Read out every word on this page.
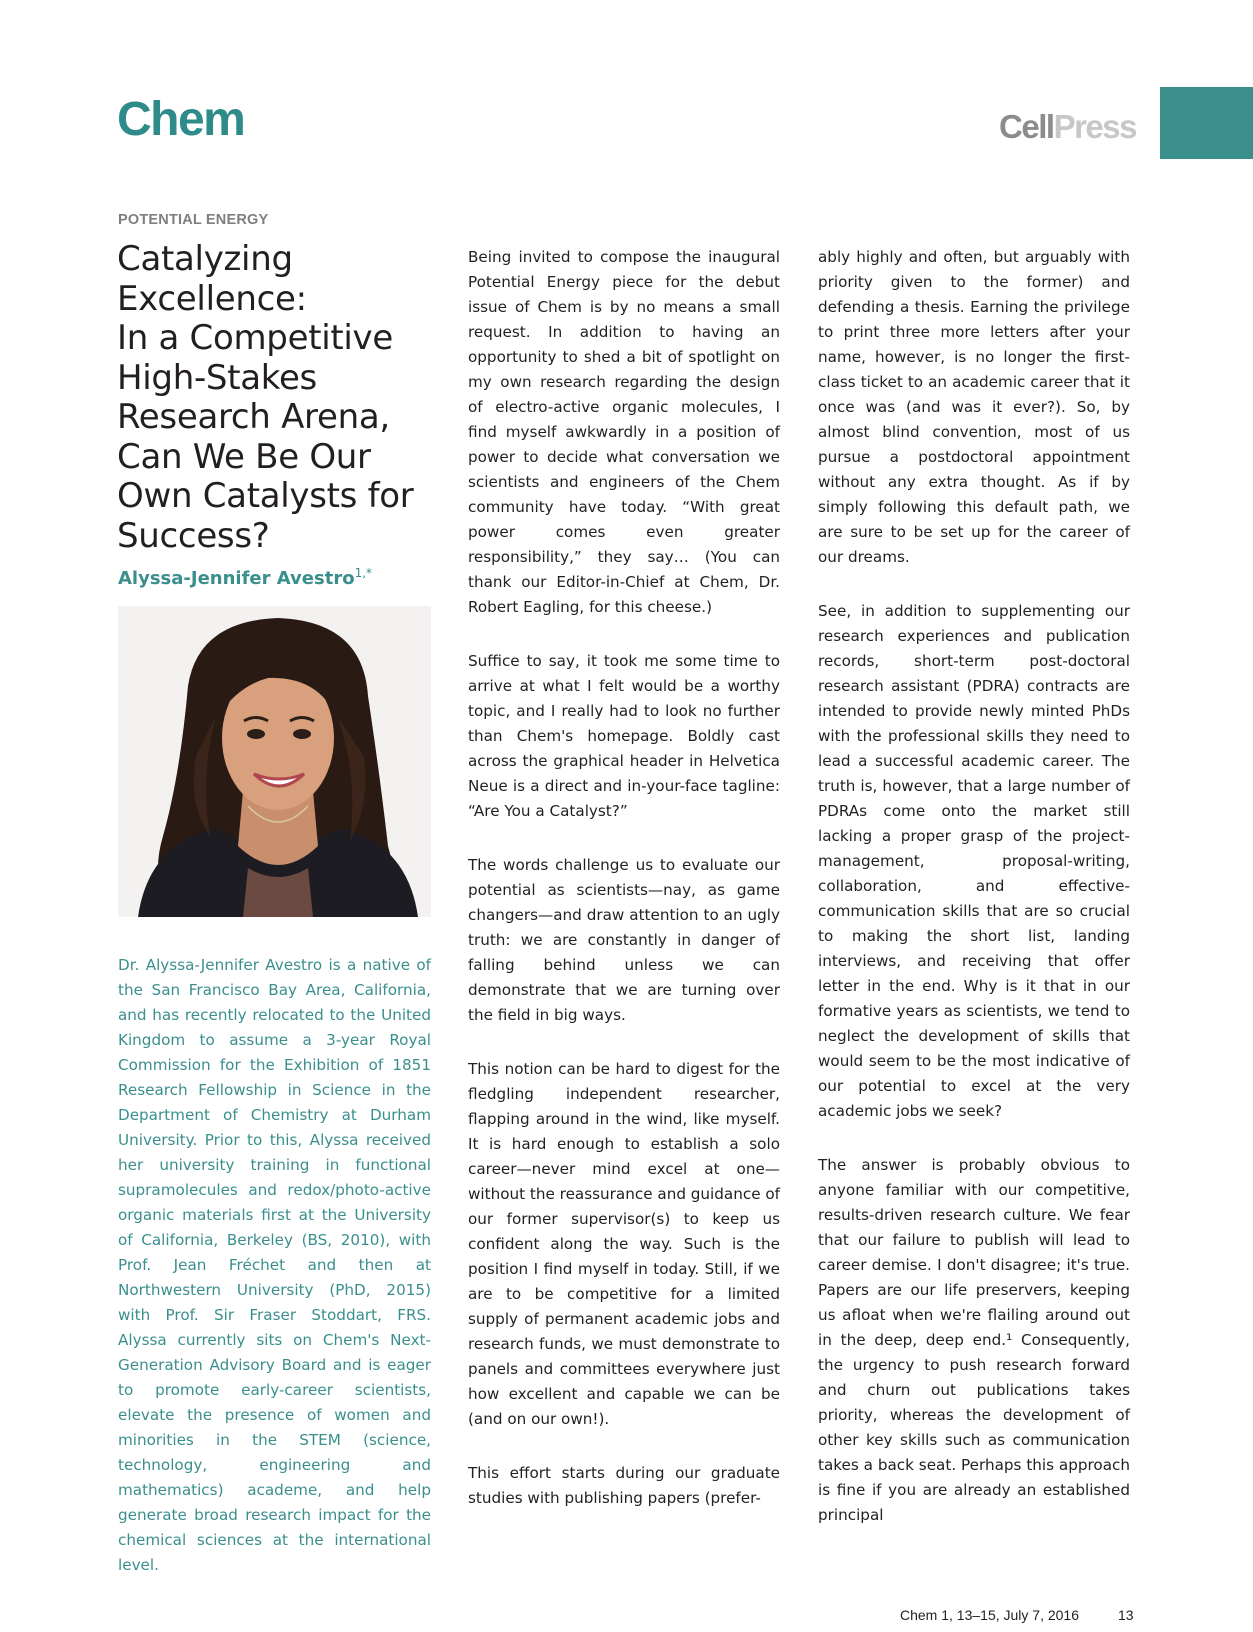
Chem	CellPress
POTENTIAL ENERGY
Catalyzing
Excellence:
In a Competitive
High-Stakes
Research Arena,
Can We Be Our
Own Catalysts for
Success?
Alyssa-Jennifer Avestro$^{1,*}$

Dr. Alyssa-Jennifer Avestro is a native of the San Francisco Bay Area, California, and has recently relocated to the United Kingdom to assume a 3-year Royal Commission for the Exhibition of 1851 Research Fellowship in Science in the Department of Chemistry at Durham University. Prior to this, Alyssa received her university training in functional supramolecules and redox/photo-active organic materials first at the University of California, Berkeley (BS, 2010), with Prof. Jean Fréchet and then at Northwestern University (PhD, 2015) with Prof. Sir Fraser Stoddart, FRS. Alyssa currently sits on Chem's Next-Generation Advisory Board and is eager to promote early-career scientists, elevate the presence of women and minorities in the STEM (science, technology, engineering and mathematics) academe, and help generate broad research impact for the chemical sciences at the international level.

Being invited to compose the inaugural Potential Energy piece for the debut issue of Chem is by no means a small request. In addition to having an opportunity to shed a bit of spotlight on my own research regarding the design of electro-active organic molecules, I find myself awkwardly in a position of power to decide what conversation we scientists and engineers of the Chem community have today. “With great power comes even greater responsibility,” they say… (You can thank our Editor-in-Chief at Chem, Dr. Robert Eagling, for this cheese.)

Suffice to say, it took me some time to arrive at what I felt would be a worthy topic, and I really had to look no further than Chem's homepage. Boldly cast across the graphical header in Helvetica Neue is a direct and in-your-face tagline: “Are You a Catalyst?”

The words challenge us to evaluate our potential as scientists—nay, as game changers—and draw attention to an ugly truth: we are constantly in danger of falling behind unless we can demonstrate that we are turning over the field in big ways.

This notion can be hard to digest for the fledgling independent researcher, flapping around in the wind, like myself. It is hard enough to establish a solo career—never mind excel at one—without the reassurance and guidance of our former supervisor(s) to keep us confident along the way. Such is the position I find myself in today. Still, if we are to be competitive for a limited supply of permanent academic jobs and research funds, we must demonstrate to panels and committees everywhere just how excellent and capable we can be (and on our own!).

This effort starts during our graduate studies with publishing papers (prefer-

ably highly and often, but arguably with priority given to the former) and defending a thesis. Earning the privilege to print three more letters after your name, however, is no longer the first-class ticket to an academic career that it once was (and was it ever?). So, by almost blind convention, most of us pursue a postdoctoral appointment without any extra thought. As if by simply following this default path, we are sure to be set up for the career of our dreams.

See, in addition to supplementing our research experiences and publication records, short-term post-doctoral research assistant (PDRA) contracts are intended to provide newly minted PhDs with the professional skills they need to lead a successful academic career. The truth is, however, that a large number of PDRAs come onto the market still lacking a proper grasp of the project-management, proposal-writing, collaboration, and effective-communication skills that are so crucial to making the short list, landing interviews, and receiving that offer letter in the end. Why is it that in our formative years as scientists, we tend to neglect the development of skills that would seem to be the most indicative of our potential to excel at the very academic jobs we seek?

The answer is probably obvious to anyone familiar with our competitive, results-driven research culture. We fear that our failure to publish will lead to career demise. I don't disagree; it's true. Papers are our life preservers, keeping us afloat when we're flailing around out in the deep, deep end.¹ Consequently, the urgency to push research forward and churn out publications takes priority, whereas the development of other key skills such as communication takes a back seat. Perhaps this approach is fine if you are already an established principal

Chem 1, 13–15, July 7, 2016	13
